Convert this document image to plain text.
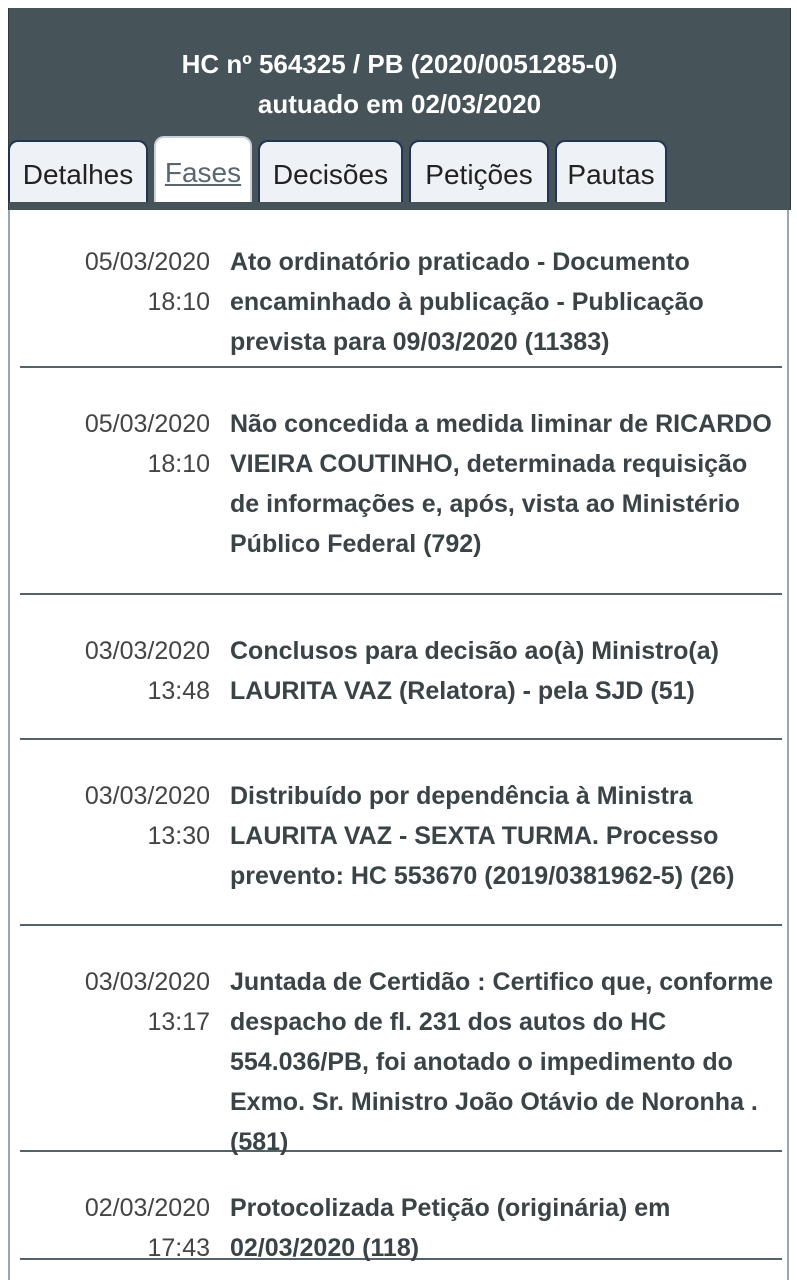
HC nº 564325 / PB (2020/0051285-0)
autuado em 02/03/2020
Detalhes	Fases	Decisões	Petições	Pautas
05/03/2020
18:10
Ato ordinatório praticado - Documento encaminhado à publicação - Publicação prevista para 09/03/2020 (11383)
05/03/2020
18:10
Não concedida a medida liminar de RICARDO VIEIRA COUTINHO, determinada requisição de informações e, após, vista ao Ministério Público Federal (792)
03/03/2020
13:48
Conclusos para decisão ao(à) Ministro(a) LAURITA VAZ (Relatora) - pela SJD (51)
03/03/2020
13:30
Distribuído por dependência à Ministra LAURITA VAZ - SEXTA TURMA. Processo prevento: HC 553670 (2019/0381962-5) (26)
03/03/2020
13:17
Juntada de Certidão : Certifico que, conforme despacho de fl. 231 dos autos do HC 554.036/PB, foi anotado o impedimento do Exmo. Sr. Ministro João Otávio de Noronha . (581)
02/03/2020
17:43
Protocolizada Petição (originária) em 02/03/2020 (118)
